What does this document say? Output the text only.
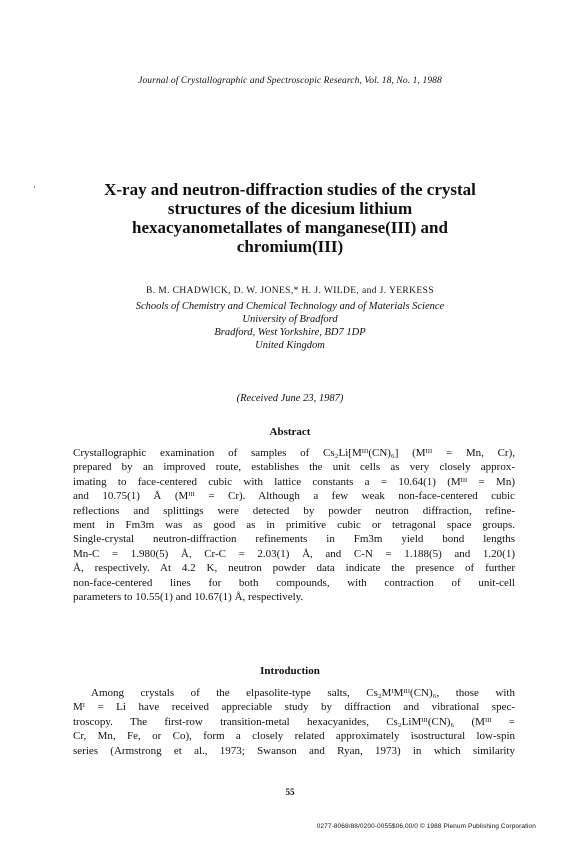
Journal of Crystallographic and Spectroscopic Research, Vol. 18, No. 1, 1988
X-ray and neutron-diffraction studies of the crystal
structures of the dicesium lithium
hexacyanometallates of manganese(III) and
chromium(III)
B. M. CHADWICK, D. W. JONES,* H. J. WILDE, and J. YERKESS
Schools of Chemistry and Chemical Technology and of Materials Science
University of Bradford
Bradford, West Yorkshire, BD7 1DP
United Kingdom
(Received June 23, 1987)
Abstract
Crystallographic examination of samples of Cs₂Li[Mᴵᴵᴵ(CN)₆] (Mᴵᴵᴵ = Mn, Cr),
prepared by an improved route, establishes the unit cells as very closely approx-
imating to face-centered cubic with lattice constants a = 10.64(1) (Mᴵᴵᴵ = Mn)
and 10.75(1) Å (Mᴵᴵᴵ = Cr). Although a few weak non-face-centered cubic
reflections and splittings were detected by powder neutron diffraction, refine-
ment in Fm3m was as good as in primitive cubic or tetragonal space groups.
Single-crystal neutron-diffraction refinements in Fm3m yield bond lengths
Mn-C = 1.980(5) Å, Cr-C = 2.03(1) Å, and C-N = 1.188(5) and 1.20(1)
Å, respectively. At 4.2 K, neutron powder data indicate the presence of further
non-face-centered lines for both compounds, with contraction of unit-cell
parameters to 10.55(1) and 10.67(1) Å, respectively.
Introduction
Among crystals of the elpasolite-type salts, Cs₂MᴵMᴵᴵᴵ(CN)₆, those with
Mᴵ = Li have received appreciable study by diffraction and vibrational spec-
troscopy. The first-row transition-metal hexacyanides, Cs₂LiMᴵᴵᴵ(CN)₆ (Mᴵᴵᴵ =
Cr, Mn, Fe, or Co), form a closely related approximately isostructural low-spin
series (Armstrong et al., 1973; Swanson and Ryan, 1973) in which similarity
55
0277-8068/88/0200-0055$06.00/0 © 1988 Plenum Publishing Corporation
